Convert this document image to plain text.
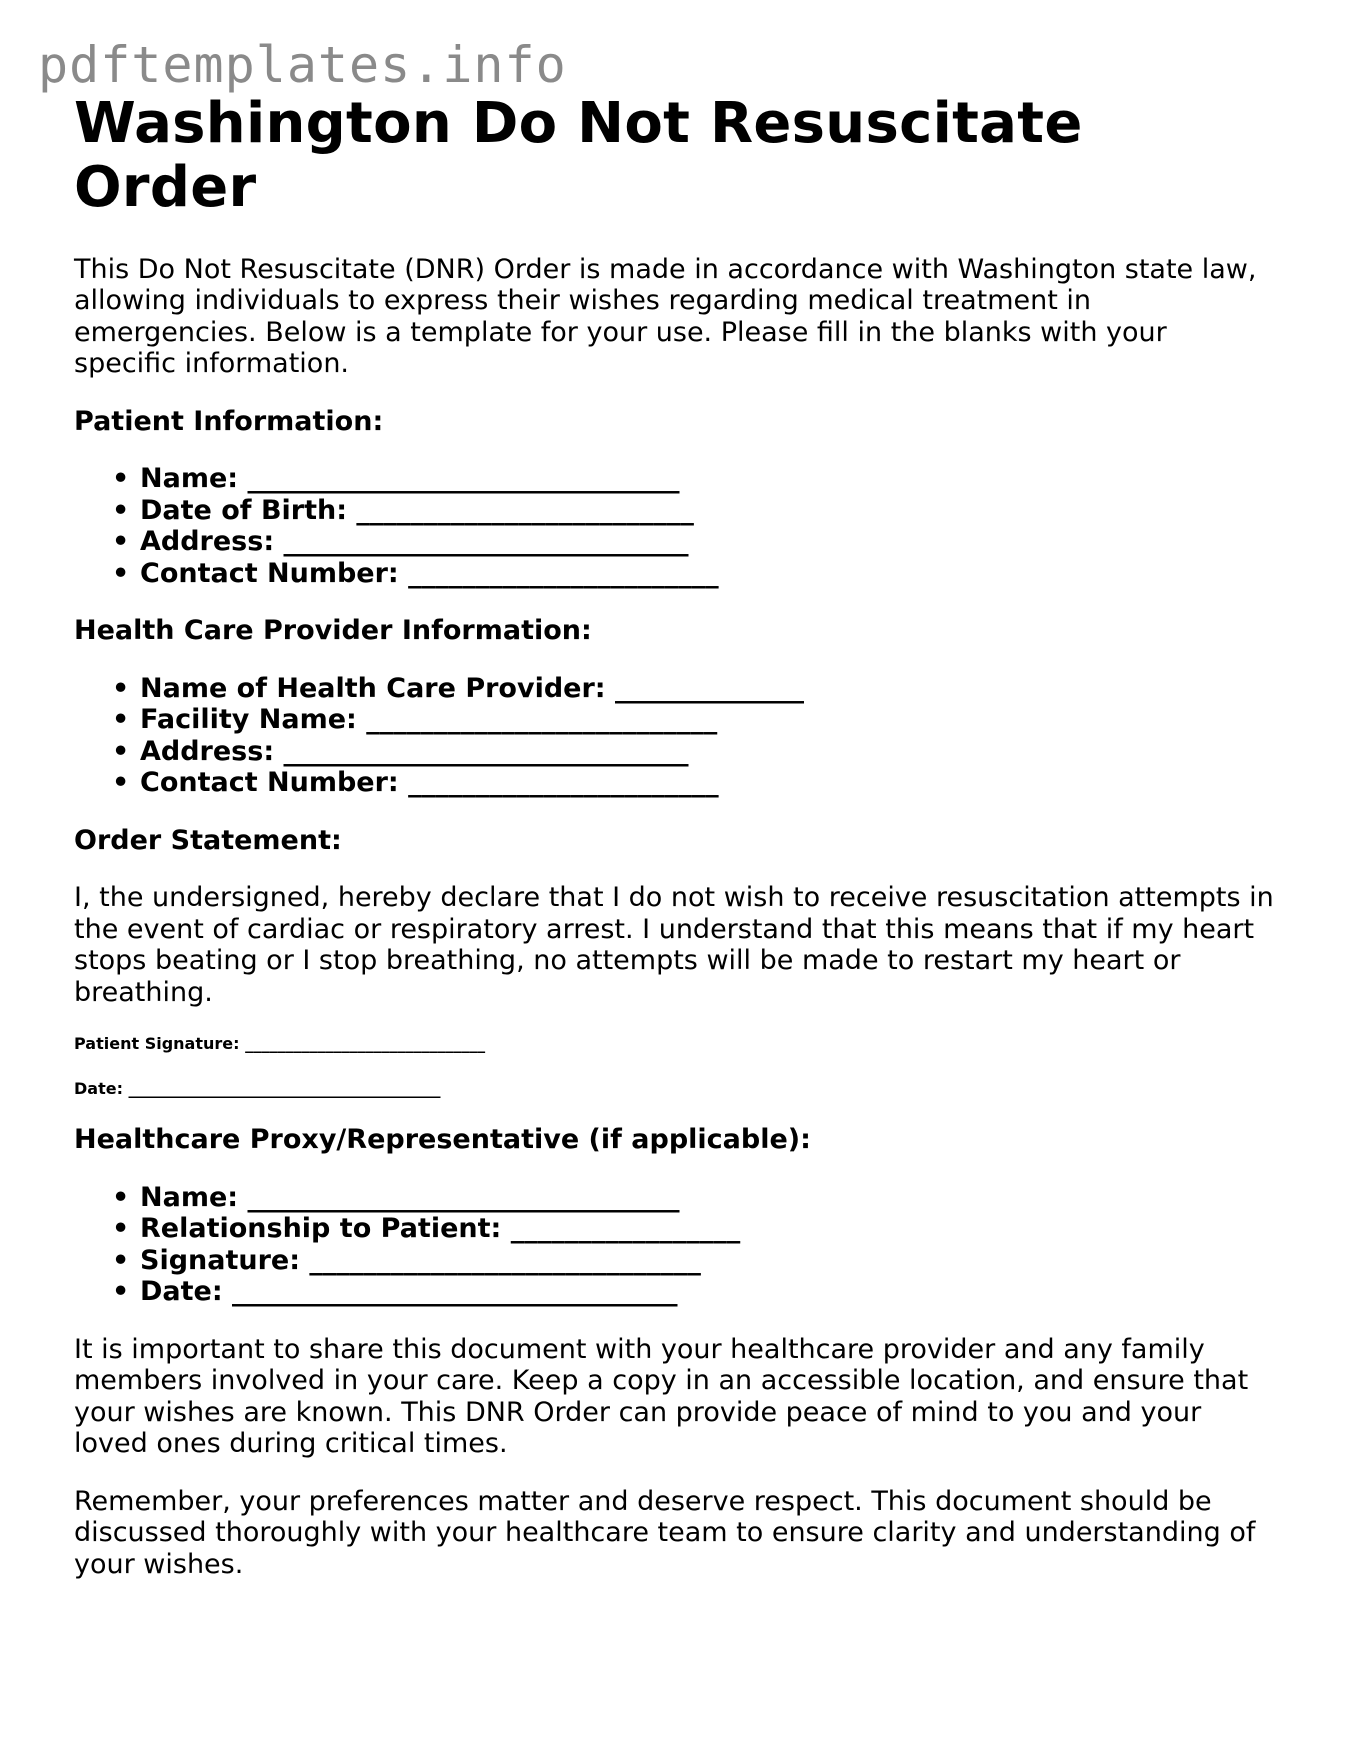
pdftemplates.info
Washington Do Not Resuscitate Order

This Do Not Resuscitate (DNR) Order is made in accordance with Washington state law, allowing individuals to express their wishes regarding medical treatment in emergencies. Below is a template for your use. Please fill in the blanks with your specific information.

Patient Information:
• Name: ________________________________
• Date of Birth: _________________________
• Address: ______________________________
• Contact Number: _______________________
Health Care Provider Information:
• Name of Health Care Provider: ______________
• Facility Name: __________________________
• Address: ______________________________
• Contact Number: _______________________
Order Statement:

I, the undersigned, hereby declare that I do not wish to receive resuscitation attempts in the event of cardiac or respiratory arrest. I understand that this means that if my heart stops beating or I stop breathing, no attempts will be made to restart my heart or breathing.

Patient Signature: ______________________________
Date: _______________________________________
Healthcare Proxy/Representative (if applicable):
• Name: ________________________________
• Relationship to Patient: _________________
• Signature: _____________________________
• Date: _________________________________

It is important to share this document with your healthcare provider and any family members involved in your care. Keep a copy in an accessible location, and ensure that your wishes are known. This DNR Order can provide peace of mind to you and your loved ones during critical times.

Remember, your preferences matter and deserve respect. This document should be discussed thoroughly with your healthcare team to ensure clarity and understanding of your wishes.
